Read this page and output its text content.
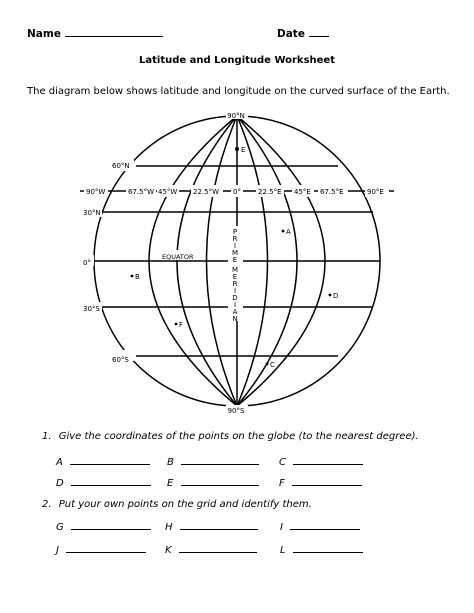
Name	Date
Latitude and Longitude Worksheet
The diagram below shows latitude and longitude on the curved surface of the Earth.
90°N
90°S
60°N
30°N
0°
30°S
60°S
90°W	67.5°W 45°W 22.5°W 0° 22.5°E 45°E 67.5°E	90°E
EQUATOR
P
R
I
M
E
M
E
R
I
D
I
A
N
E
A
B
D
F
C
1. Give the coordinates of the points on the globe (to the nearest degree).
A	B	C
D	E	F
2. Put your own points on the grid and identify them.
G	H	I
J	K	L
